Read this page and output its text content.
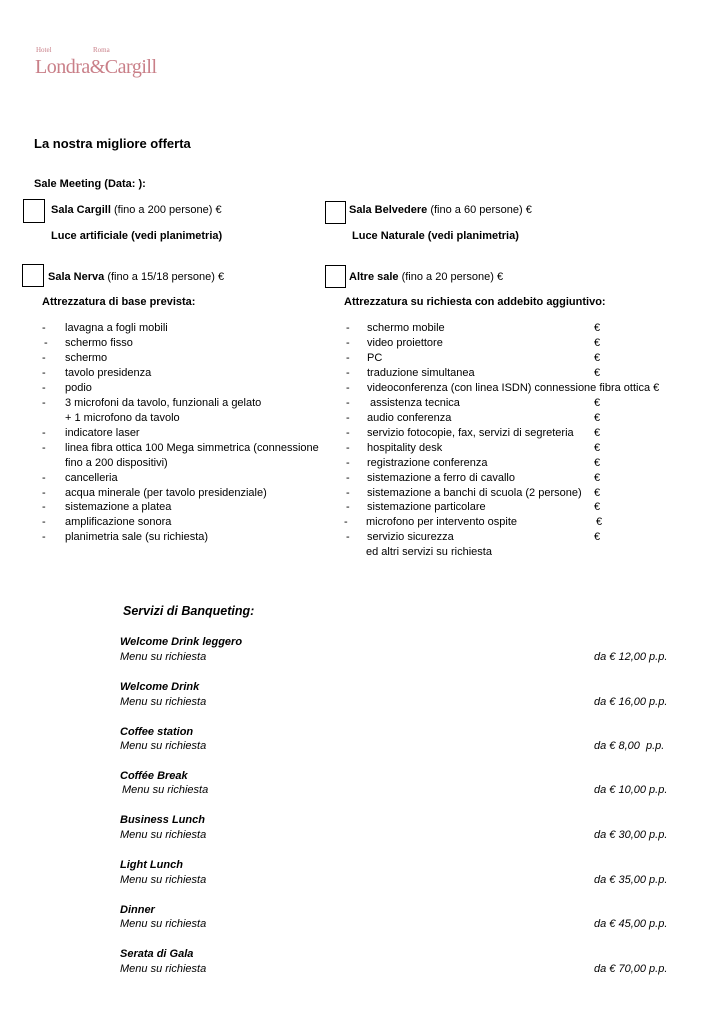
Hotel	Roma
Londra&Cargill
La nostra migliore offerta
Sale Meeting (Data: ):
Sala Cargill (fino a 200 persone) €
Luce artificiale (vedi planimetria)
Sala Belvedere (fino a 60 persone) €
Luce Naturale (vedi planimetria)
Sala Nerva (fino a 15/18 persone) €	Altre sale (fino a 20 persone) €
Attrezzatura di base prevista:	Attrezzatura su richiesta con addebito aggiuntivo:
- lavagna a fogli mobili
- schermo fisso
- schermo
- tavolo presidenza
- podio
- 3 microfoni da tavolo, funzionali a gelato
+ 1 microfono da tavolo
- indicatore laser
- linea fibra ottica 100 Mega simmetrica (connessione
fino a 200 dispositivi)
- cancelleria
- acqua minerale (per tavolo presidenziale)
- sistemazione a platea
- amplificazione sonora
- planimetria sale (su richiesta)
- schermo mobile	€
- video proiettore	€
- PC	€
- traduzione simultanea	€
- videoconferenza (con linea ISDN) connessione fibra ottica €
- assistenza tecnica	€
- audio conferenza	€
- servizio fotocopie, fax, servizi di segreteria €
- hospitality desk	€
- registrazione conferenza	€
- sistemazione a ferro di cavallo	€
- sistemazione a banchi di scuola (2 persone) €
- sistemazione particolare	€
- microfono per intervento ospite	€
- servizio sicurezza	€
ed altri servizi su richiesta
Servizi di Banqueting:
Welcome Drink leggero
Menu su richiesta	da € 12,00 p.p.
Welcome Drink
Menu su richiesta	da € 16,00 p.p.
Coffee station
Menu su richiesta	da € 8,00  p.p.
Coffée Break
Menu su richiesta	da € 10,00 p.p.
Business Lunch
Menu su richiesta	da € 30,00 p.p.
Light Lunch
Menu su richiesta	da € 35,00 p.p.
Dinner
Menu su richiesta	da € 45,00 p.p.
Serata di Gala
Menu su richiesta	da € 70,00 p.p.
